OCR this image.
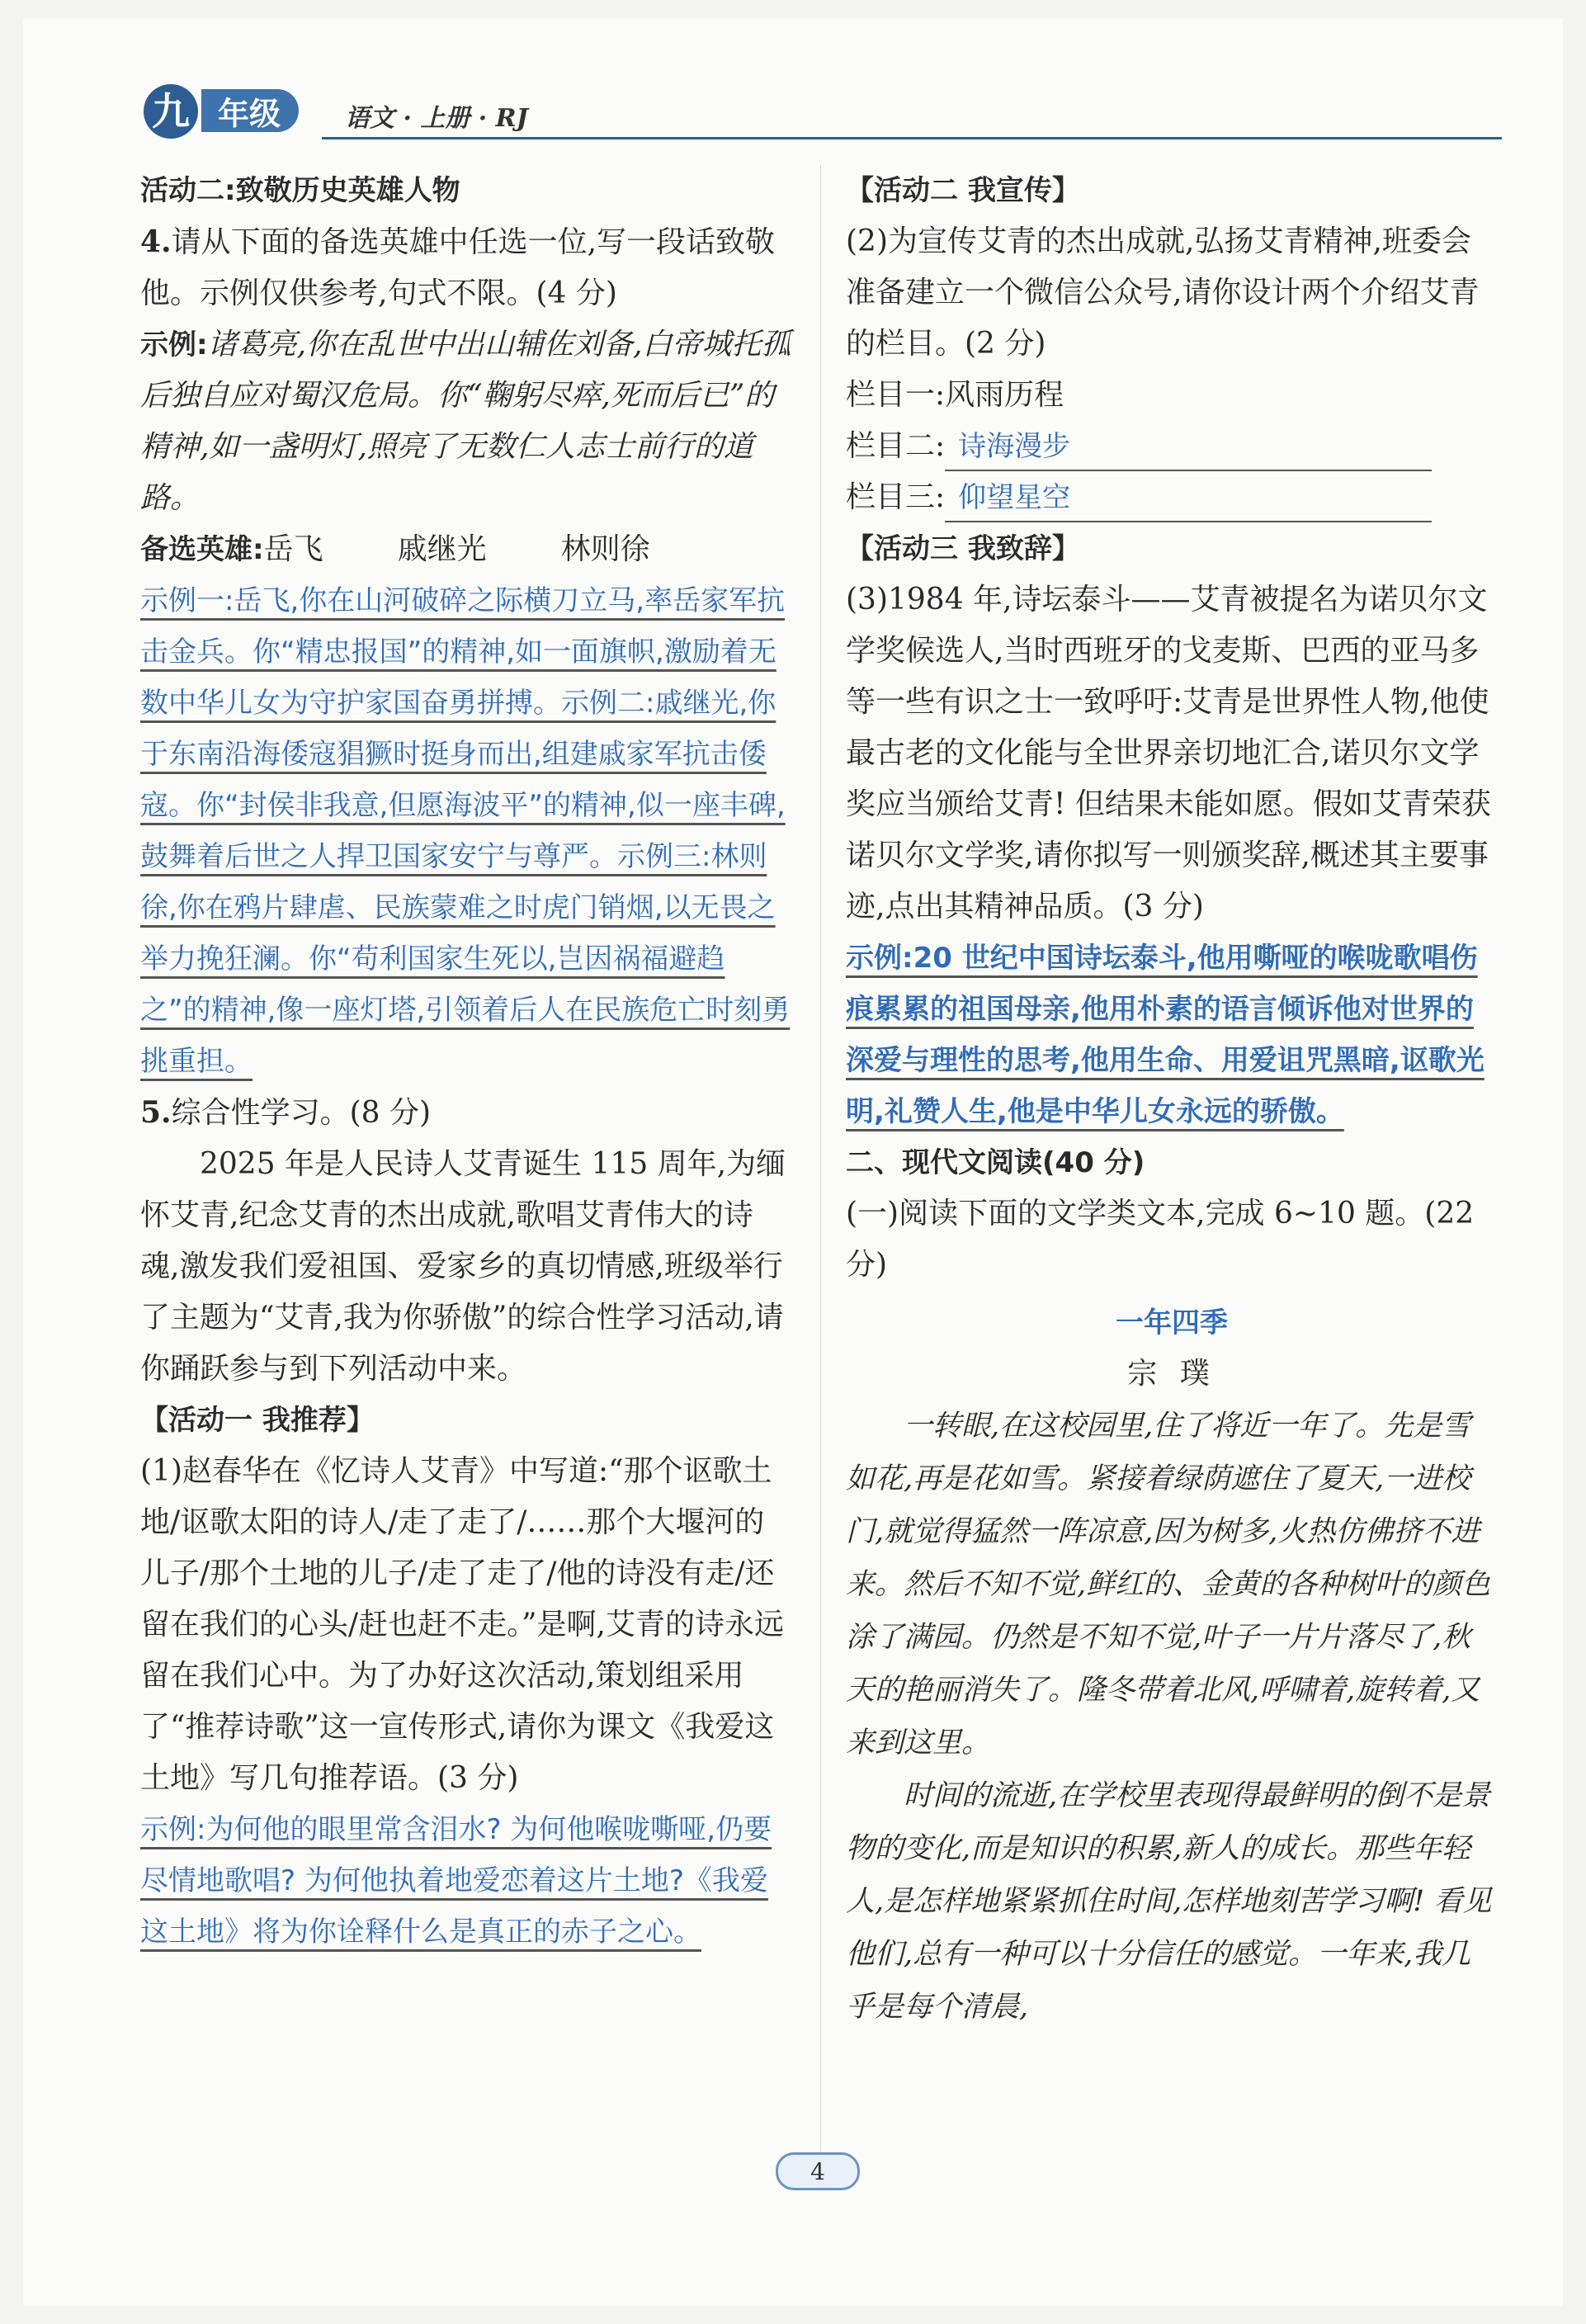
年级
九	语文 · 上册 · RJ

活动二:致敬历史英雄人物

4.请从下面的备选英雄中任选一位,写一段话致敬他。示例仅供参考,句式不限。(4 分)

示例:诸葛亮,你在乱世中出山辅佐刘备,白帝城托孤后独自应对蜀汉危局。你“鞠躬尽瘁,死而后已”的精神,如一盏明灯,照亮了无数仁人志士前行的道路。

备选英雄:岳飞	戚继光	林则徐

示例一:岳飞,你在山河破碎之际横刀立马,率岳家军抗击金兵。你“精忠报国”的精神,如一面旗帜,激励着无数中华儿女为守护家国奋勇拼搏。示例二:戚继光,你于东南沿海倭寇猖獗时挺身而出,组建戚家军抗击倭寇。你“封侯非我意,但愿海波平”的精神,似一座丰碑,鼓舞着后世之人捍卫国家安宁与尊严。示例三:林则徐,你在鸦片肆虐、民族蒙难之时虎门销烟,以无畏之举力挽狂澜。你“苟利国家生死以,岂因祸福避趋之”的精神,像一座灯塔,引领着后人在民族危亡时刻勇挑重担。

5.综合性学习。(8 分)

2025 年是人民诗人艾青诞生 115 周年,为缅怀艾青,纪念艾青的杰出成就,歌唱艾青伟大的诗魂,激发我们爱祖国、爱家乡的真切情感,班级举行了主题为“艾青,我为你骄傲”的综合性学习活动,请你踊跃参与到下列活动中来。

【活动一 我推荐】

(1)赵春华在《忆诗人艾青》中写道:“那个讴歌土地/讴歌太阳的诗人/走了走了/……那个大堰河的儿子/那个土地的儿子/走了走了/他的诗没有走/还留在我们的心头/赶也赶不走。”是啊,艾青的诗永远留在我们心中。为了办好这次活动,策划组采用了“推荐诗歌”这一宣传形式,请你为课文《我爱这土地》写几句推荐语。(3 分)

示例:为何他的眼里常含泪水? 为何他喉咙嘶哑,仍要尽情地歌唱? 为何他执着地爱恋着这片土地?《我爱这土地》将为你诠释什么是真正的赤子之心。

【活动二 我宣传】

(2)为宣传艾青的杰出成就,弘扬艾青精神,班委会准备建立一个微信公众号,请你设计两个介绍艾青的栏目。(2 分)

栏目一:风雨历程

栏目二: 诗海漫步

栏目三: 仰望星空

【活动三 我致辞】

(3)1984 年,诗坛泰斗——艾青被提名为诺贝尔文学奖候选人,当时西班牙的戈麦斯、巴西的亚马多等一些有识之士一致呼吁:艾青是世界性人物,他使最古老的文化能与全世界亲切地汇合,诺贝尔文学奖应当颁给艾青! 但结果未能如愿。假如艾青荣获诺贝尔文学奖,请你拟写一则颁奖辞,概述其主要事迹,点出其精神品质。(3 分)

示例:20 世纪中国诗坛泰斗,他用嘶哑的喉咙歌唱伤痕累累的祖国母亲,他用朴素的语言倾诉他对世界的深爱与理性的思考,他用生命、用爱诅咒黑暗,讴歌光明,礼赞人生,他是中华儿女永远的骄傲。

二、现代文阅读(40 分)

(一)阅读下面的文学类文本,完成 6~10 题。(22 分)

一年四季

宗 璞

一转眼,在这校园里,住了将近一年了。先是雪如花,再是花如雪。紧接着绿荫遮住了夏天,一进校门,就觉得猛然一阵凉意,因为树多,火热仿佛挤不进来。然后不知不觉,鲜红的、金黄的各种树叶的颜色涂了满园。仍然是不知不觉,叶子一片片落尽了,秋天的艳丽消失了。隆冬带着北风,呼啸着,旋转着,又来到这里。

时间的流逝,在学校里表现得最鲜明的倒不是景物的变化,而是知识的积累,新人的成长。那些年轻人,是怎样地紧紧抓住时间,怎样地刻苦学习啊! 看见他们,总有一种可以十分信任的感觉。一年来,我几乎是每个清晨,

4
